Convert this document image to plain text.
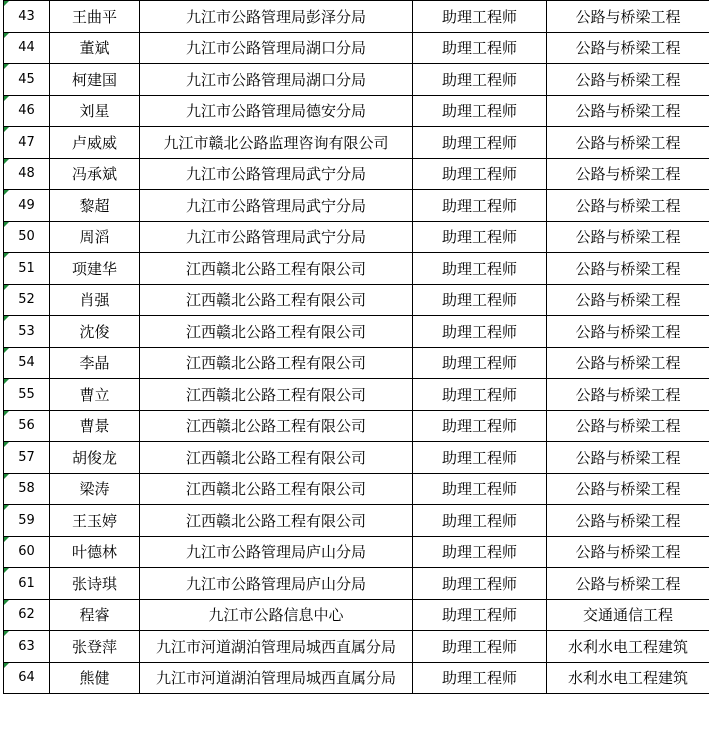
43	王曲平	九江市公路管理局彭泽分局	助理工程师	公路与桥梁工程
44	董斌	九江市公路管理局湖口分局	助理工程师	公路与桥梁工程
45	柯建国	九江市公路管理局湖口分局	助理工程师	公路与桥梁工程
46	刘星	九江市公路管理局德安分局	助理工程师	公路与桥梁工程
47	卢威威	九江市赣北公路监理咨询有限公司	助理工程师	公路与桥梁工程
48	冯承斌	九江市公路管理局武宁分局	助理工程师	公路与桥梁工程
49	黎超	九江市公路管理局武宁分局	助理工程师	公路与桥梁工程
50	周滔	九江市公路管理局武宁分局	助理工程师	公路与桥梁工程
51	项建华	江西赣北公路工程有限公司	助理工程师	公路与桥梁工程
52	肖强	江西赣北公路工程有限公司	助理工程师	公路与桥梁工程
53	沈俊	江西赣北公路工程有限公司	助理工程师	公路与桥梁工程
54	李晶	江西赣北公路工程有限公司	助理工程师	公路与桥梁工程
55	曹立	江西赣北公路工程有限公司	助理工程师	公路与桥梁工程
56	曹景	江西赣北公路工程有限公司	助理工程师	公路与桥梁工程
57	胡俊龙	江西赣北公路工程有限公司	助理工程师	公路与桥梁工程
58	梁涛	江西赣北公路工程有限公司	助理工程师	公路与桥梁工程
59	王玉婷	江西赣北公路工程有限公司	助理工程师	公路与桥梁工程
60	叶德林	九江市公路管理局庐山分局	助理工程师	公路与桥梁工程
61	张诗琪	九江市公路管理局庐山分局	助理工程师	公路与桥梁工程
62	程睿	九江市公路信息中心	助理工程师	交通通信工程
63	张登萍	九江市河道湖泊管理局城西直属分局	助理工程师	水利水电工程建筑
64	熊健	九江市河道湖泊管理局城西直属分局	助理工程师	水利水电工程建筑
